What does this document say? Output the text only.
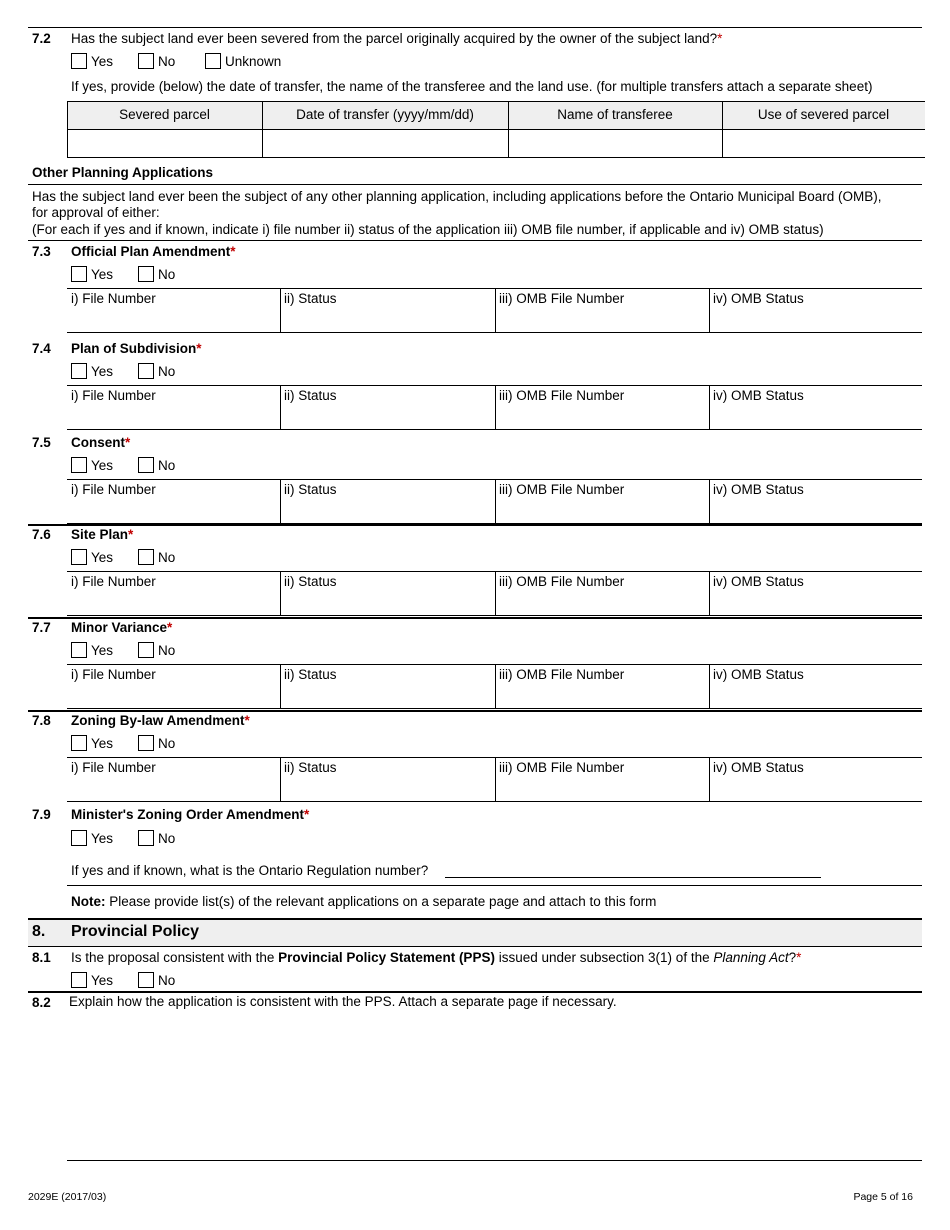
7.2 Has the subject land ever been severed from the parcel originally acquired by the owner of the subject land?*
Yes	No	Unknown
If yes, provide (below) the date of transfer, the name of the transferee and the land use. (for multiple transfers attach a separate sheet)
Severed parcel	Date of transfer (yyyy/mm/dd)	Name of transferee	Use of severed parcel
Other Planning Applications
Has the subject land ever been the subject of any other planning application, including applications before the Ontario Municipal Board (OMB),
for approval of either:
(For each if yes and if known, indicate i) file number ii) status of the application iii) OMB file number, if applicable and iv) OMB status)
7.3 Official Plan Amendment*
Yes	No
i) File Number	ii) Status	iii) OMB File Number	iv) OMB Status
7.4 Plan of Subdivision*
Yes	No
i) File Number	ii) Status	iii) OMB File Number	iv) OMB Status
7.5 Consent*
Yes	No
i) File Number	ii) Status	iii) OMB File Number	iv) OMB Status
7.6 Site Plan*
Yes	No
i) File Number	ii) Status	iii) OMB File Number	iv) OMB Status
7.7 Minor Variance*
Yes	No
i) File Number	ii) Status	iii) OMB File Number	iv) OMB Status
7.8 Zoning By-law Amendment*
Yes	No
i) File Number	ii) Status	iii) OMB File Number	iv) OMB Status
7.9 Minister's Zoning Order Amendment*
Yes	No
If yes and if known, what is the Ontario Regulation number?
Note: Please provide list(s) of the relevant applications on a separate page and attach to this form
8. Provincial Policy
8.1 Is the proposal consistent with the Provincial Policy Statement (PPS) issued under subsection 3(1) of the Planning Act?*
Yes	No
8.2 Explain how the application is consistent with the PPS. Attach a separate page if necessary.
2029E (2017/03)	Page 5 of 16
